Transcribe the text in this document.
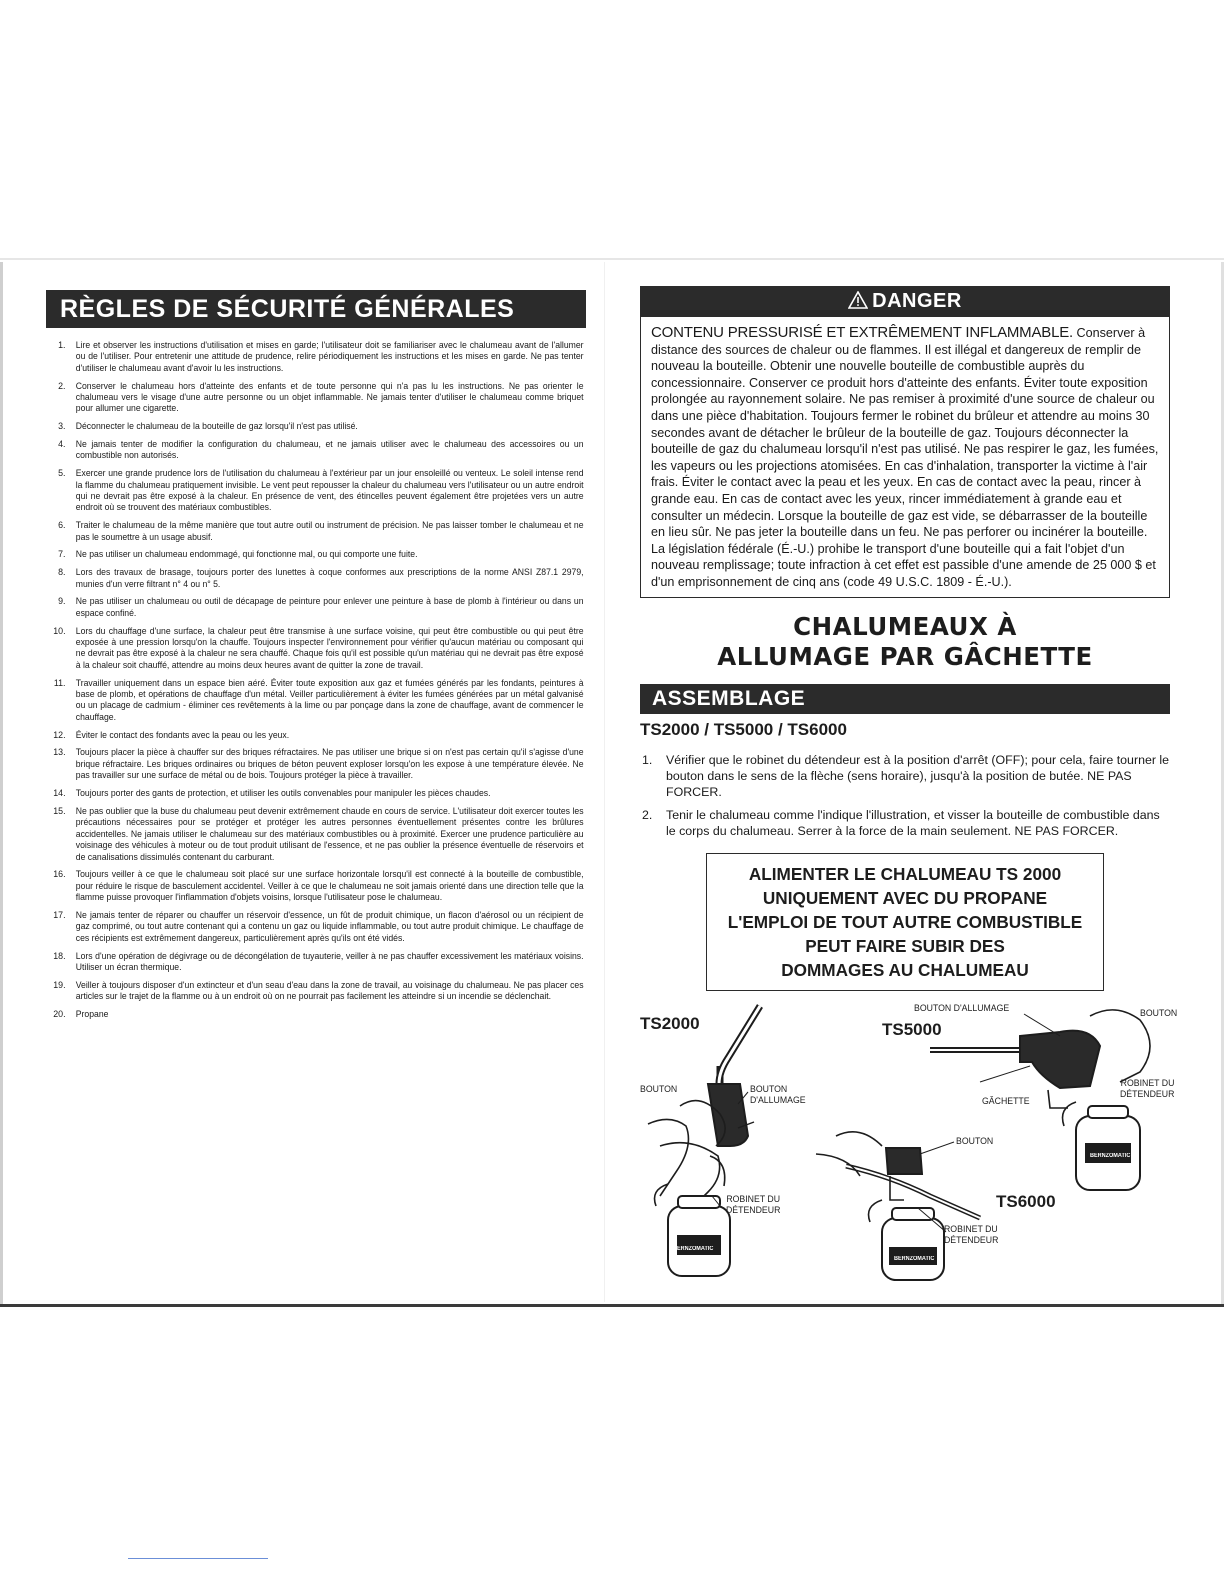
RÈGLES DE SÉCURITÉ GÉNÉRALES
1.	Lire et observer les instructions d'utilisation et mises en garde; l'utilisateur doit se familiariser avec le chalumeau avant de l'allumer ou de l'utiliser. Pour entretenir une attitude de prudence, relire périodiquement les instructions et les mises en garde. Ne pas tenter d'utiliser le chalumeau avant d'avoir lu les instructions.
2.	Conserver le chalumeau hors d'atteinte des enfants et de toute personne qui n'a pas lu les instructions. Ne pas orienter le chalumeau vers le visage d'une autre personne ou un objet inflammable. Ne jamais tenter d'utiliser le chalumeau comme briquet pour allumer une cigarette.
3.	Déconnecter le chalumeau de la bouteille de gaz lorsqu'il n'est pas utilisé.
4.	Ne jamais tenter de modifier la configuration du chalumeau, et ne jamais utiliser avec le chalumeau des accessoires ou un combustible non autorisés.
5.	Exercer une grande prudence lors de l'utilisation du chalumeau à l'extérieur par un jour ensoleillé ou venteux. Le soleil intense rend la flamme du chalumeau pratiquement invisible. Le vent peut repousser la chaleur du chalumeau vers l'utilisateur ou un autre endroit qui ne devrait pas être exposé à la chaleur. En présence de vent, des étincelles peuvent également être projetées vers un autre endroit où se trouvent des matériaux combustibles.
6.	Traiter le chalumeau de la même manière que tout autre outil ou instrument de précision. Ne pas laisser tomber le chalumeau et ne pas le soumettre à un usage abusif.
7.	Ne pas utiliser un chalumeau endommagé, qui fonctionne mal, ou qui comporte une fuite.
8.	Lors des travaux de brasage, toujours porter des lunettes à coque conformes aux prescriptions de la norme ANSI Z87.1 2979, munies d'un verre filtrant n° 4 ou n° 5.
9.	Ne pas utiliser un chalumeau ou outil de décapage de peinture pour enlever une peinture à base de plomb à l'intérieur ou dans un espace confiné.
10.	Lors du chauffage d'une surface, la chaleur peut être transmise à une surface voisine, qui peut être combustible ou qui peut être exposée à une pression lorsqu'on la chauffe. Toujours inspecter l'environnement pour vérifier qu'aucun matériau ou composant qui ne devrait pas être exposé à la chaleur ne sera chauffé. Chaque fois qu'il est possible qu'un matériau qui ne devrait pas être exposé à la chaleur soit chauffé, attendre au moins deux heures avant de quitter la zone de travail.
11.	Travailler uniquement dans un espace bien aéré. Éviter toute exposition aux gaz et fumées générés par les fondants, peintures à base de plomb, et opérations de chauffage d'un métal. Veiller particulièrement à éviter les fumées générées par un métal galvanisé ou un placage de cadmium - éliminer ces revêtements à la lime ou par ponçage dans la zone de chauffage, avant de commencer le chauffage.
12.	Éviter le contact des fondants avec la peau ou les yeux.
13.	Toujours placer la pièce à chauffer sur des briques réfractaires. Ne pas utiliser une brique si on n'est pas certain qu'il s'agisse d'une brique réfractaire. Les briques ordinaires ou briques de béton peuvent exploser lorsqu'on les expose à une température élevée. Ne pas travailler sur une surface de métal ou de bois. Toujours protéger la pièce à travailler.
14.	Toujours porter des gants de protection, et utiliser les outils convenables pour manipuler les pièces chaudes.
15.	Ne pas oublier que la buse du chalumeau peut devenir extrêmement chaude en cours de service. L'utilisateur doit exercer toutes les précautions nécessaires pour se protéger et protéger les autres personnes éventuellement présentes contre les brûlures accidentelles. Ne jamais utiliser le chalumeau sur des matériaux combustibles ou à proximité. Exercer une prudence particulière au voisinage des véhicules à moteur ou de tout produit utilisant de l'essence, et ne pas oublier la présence éventuelle de réservoirs et de canalisations dissimulés contenant du carburant.
16.	Toujours veiller à ce que le chalumeau soit placé sur une surface horizontale lorsqu'il est connecté à la bouteille de combustible, pour réduire le risque de basculement accidentel. Veiller à ce que le chalumeau ne soit jamais orienté dans une direction telle que la flamme puisse provoquer l'inflammation d'objets voisins, lorsque l'utilisateur pose le chalumeau.
17.	Ne jamais tenter de réparer ou chauffer un réservoir d'essence, un fût de produit chimique, un flacon d'aérosol ou un récipient de gaz comprimé, ou tout autre contenant qui a contenu un gaz ou liquide inflammable, ou tout autre produit chimique. Le chauffage de ces récipients est extrêmement dangereux, particulièrement après qu'ils ont été vidés.
18.	Lors d'une opération de dégivrage ou de décongélation de tuyauterie, veiller à ne pas chauffer excessivement les matériaux voisins. Utiliser un écran thermique.
19.	Veiller à toujours disposer d'un extincteur et d'un seau d'eau dans la zone de travail, au voisinage du chalumeau. Ne pas placer ces articles sur le trajet de la flamme ou à un endroit où on ne pourrait pas facilement les atteindre si un incendie se déclenchait.
20.	Propane
DANGER
CONTENU PRESSURISÉ ET EXTRÊMEMENT INFLAMMABLE. Conserver à distance des sources de chaleur ou de flammes. Il est illégal et dangereux de remplir de nouveau la bouteille. Obtenir une nouvelle bouteille de combustible auprès du concessionnaire. Conserver ce produit hors d'atteinte des enfants. Éviter toute exposition prolongée au rayonnement solaire. Ne pas remiser à proximité d'une source de chaleur ou dans une pièce d'habitation. Toujours fermer le robinet du brûleur et attendre au moins 30 secondes avant de détacher le brûleur de la bouteille de gaz. Toujours déconnecter la bouteille de gaz du chalumeau lorsqu'il n'est pas utilisé. Ne pas respirer le gaz, les fumées, les vapeurs ou les projections atomisées. En cas d'inhalation, transporter la victime à l'air frais. Éviter le contact avec la peau et les yeux. En cas de contact avec la peau, rincer à grande eau. En cas de contact avec les yeux, rincer immédiatement à grande eau et consulter un médecin. Lorsque la bouteille de gaz est vide, se débarrasser de la bouteille en lieu sûr. Ne pas jeter la bouteille dans un feu. Ne pas perforer ou incinérer la bouteille. La législation fédérale (É.-U.) prohibe le transport d'une bouteille qui a fait l'objet d'un nouveau remplissage; toute infraction à cet effet est passible d'une amende de 25 000 $ et d'un emprisonnement de cinq ans (code 49 U.S.C. 1809 - É.-U.).
CHALUMEAUX À
ALLUMAGE PAR GÂCHETTE
ASSEMBLAGE
TS2000 / TS5000 / TS6000
1.	Vérifier que le robinet du détendeur est à la position d'arrêt (OFF); pour cela, faire tourner le bouton dans le sens de la flèche (sens horaire), jusqu'à la position de butée. NE PAS FORCER.
2.	Tenir le chalumeau comme l'indique l'illustration, et visser la bouteille de combustible dans le corps du chalumeau. Serrer à la force de la main seulement. NE PAS FORCER.
ALIMENTER LE CHALUMEAU TS 2000
UNIQUEMENT AVEC DU PROPANE
L'EMPLOI DE TOUT AUTRE COMBUSTIBLE
PEUT FAIRE SUBIR DES
DOMMAGES AU CHALUMEAU
TS2000	TS5000
TS6000
BOUTON	BOUTON
D'ALLUMAGE
ROBINET DU
DÉTENDEUR
BOUTON D'ALLUMAGE	BOUTON
ROBINET DU
DÉTENDEUR
GÂCHETTE
BOUTON
ROBINET DU
DÉTENDEUR
BERNZOMATIC
BERNZOMATIC
BERNZOMATIC
